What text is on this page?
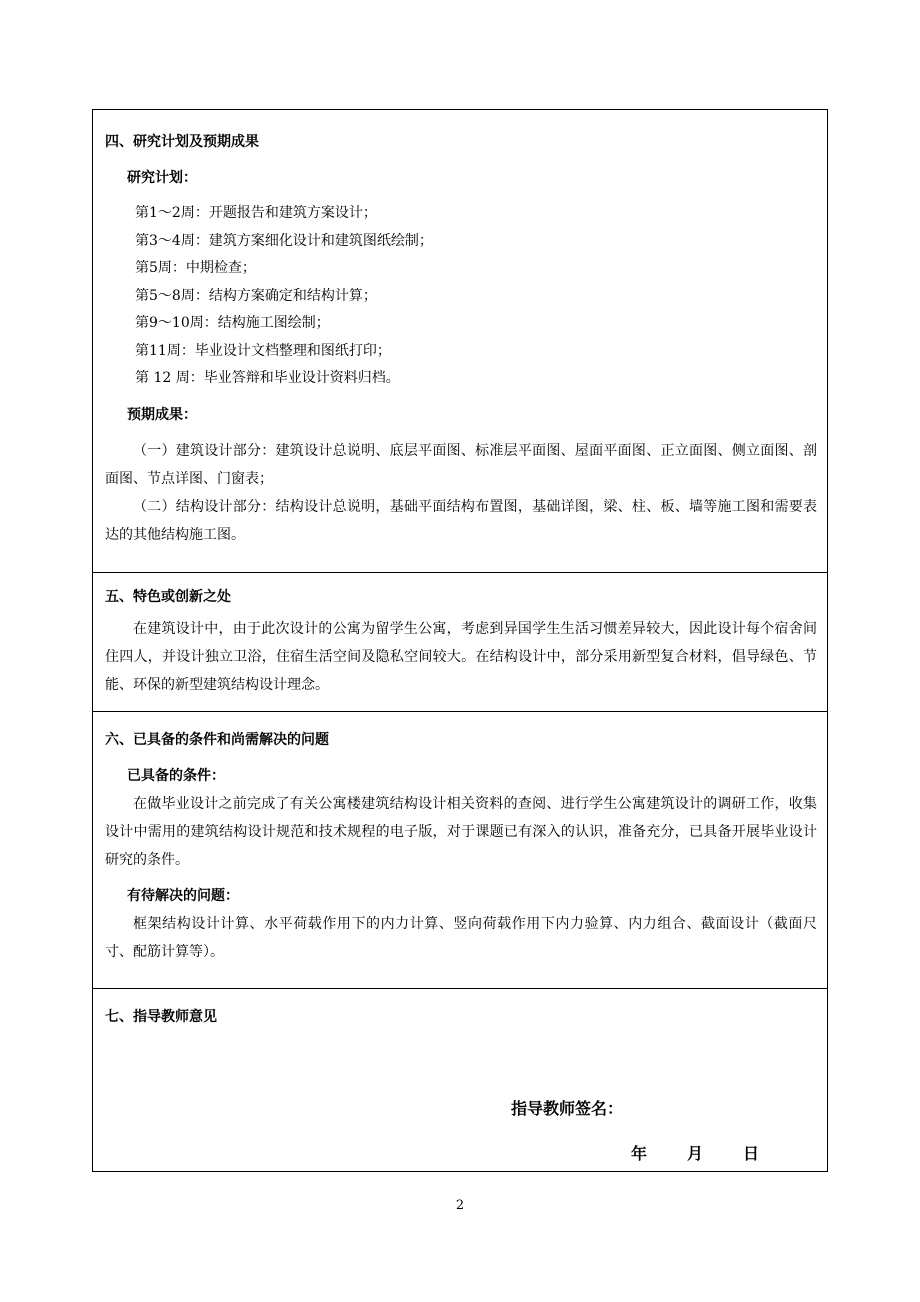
四、研究计划及预期成果
研究计划：
第1～2周：开题报告和建筑方案设计；
第3～4周：建筑方案细化设计和建筑图纸绘制；
第5周：中期检查；
第5～8周：结构方案确定和结构计算；
第9～10周：结构施工图绘制；
第11周：毕业设计文档整理和图纸打印；
第 12 周：毕业答辩和毕业设计资料归档。
预期成果：

（一）建筑设计部分：建筑设计总说明、底层平面图、标准层平面图、屋面平面图、正立面图、侧立面图、剖面图、节点详图、门窗表；

（二）结构设计部分：结构设计总说明，基础平面结构布置图，基础详图，梁、柱、板、墙等施工图和需要表达的其他结构施工图。

五、特色或创新之处

在建筑设计中，由于此次设计的公寓为留学生公寓，考虑到异国学生生活习惯差异较大，因此设计每个宿舍间住四人，并设计独立卫浴，住宿生活空间及隐私空间较大。在结构设计中，部分采用新型复合材料，倡导绿色、节能、环保的新型建筑结构设计理念。

六、已具备的条件和尚需解决的问题
已具备的条件：

在做毕业设计之前完成了有关公寓楼建筑结构设计相关资料的查阅、进行学生公寓建筑设计的调研工作，收集设计中需用的建筑结构设计规范和技术规程的电子版，对于课题已有深入的认识，准备充分，已具备开展毕业设计研究的条件。

有待解决的问题：

框架结构设计计算、水平荷载作用下的内力计算、竖向荷载作用下内力验算、内力组合、截面设计（截面尺寸、配筋计算等）。

七、指导教师意见
指导教师签名：
年 月 日
2
